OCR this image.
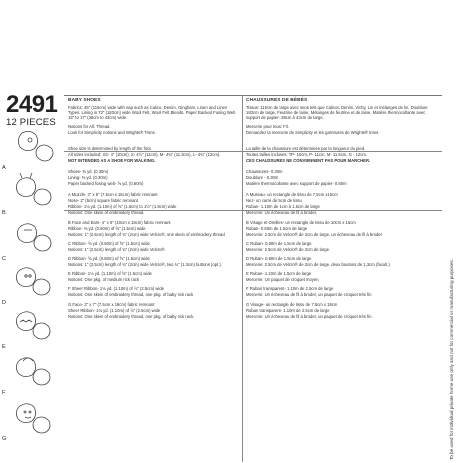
2491
12 PIECES
A
B
C
D
E
F
G
BABY SHOES
Fabrics: 45" (115cm) wide with nap such as Calico, Denim, Gingham, Linen and Linen Types. Lining in 72" (183cm) wide Wool Felt, Wool Felt Blends. Paper Backed Fusing Web 15" to 17" (38cm to 43cm) wide.
Notions for All: Thread.
Look for Simplicity notions and Wrights® Trims.
Shoe size is determined by length of the foot.
All sizes included: XS- 4" (10cm), S- 4½" (11cm), M- 4¾" (11.3cm), L- 4¾" (12cm).
NOT INTENDED AS A SHOE FOR WALKING.
Shoes- ⅜ yd. (0.30m)
Lining- ⅜ yd. (0.30m)
Paper backed fusing web- ⅝ yd. (0.60m)
A Muzzle- 3" x 6" (7.5cm x 15cm) fabric remnant
Nose- 2" (5cm) square fabric remnant
Ribbon- 1⅛ yd. (1.10m) of ⅝" (1.5cm) to 1½" (1.5cm) wide
Notions: One skein of embroidery thread.
B Face and Ears- 4" x 6" (10cm x 15cm) fabric remnant
Ribbon- ⅜ yd. (0.60m) of ⅝" (1.5cm) wide
Notions: 1" (2.5cm) length of ¾" (2cm) wide Velcro®, one skein of embroidery thread
C Ribbon- ⅝ yd. (0.60m) of ⅝" (1.5cm) wide
Notions: 1" (2.5cm) length of ¾" (2cm) wide Velcro®.
D Ribbon- ⅝ yd. (0.60m) of ⅝" (1.5cm) wide
Notions: 1" (2.5cm) length of ¾" (2cm) wide Velcro®, two ¾" (1.3cm) buttons (opt.).
E Ribbon- 1⅛ yd. (1.10m) of ⅝" (1.5cm) wide
Notions: One pkg. of medium rick rack
F Sheer Ribbon- 1⅛ yd. (1.10m) of ⅞" (2.5cm) wide
Notions: One skein of embroidery thread, one pkg. of baby rick rack
G Face- 3" x 7" (7.5cm x 18cm) fabric remnant
Sheer Ribbon- 1⅛ yd. (1.10m) of ⅞" (2.5cm) wide
Notions: One skein of embroidery thread, one pkg. of baby rick rack.
CHAUSSURES DE BÉBÉS
Tissus: 115cm de large avec sens tels que Calicot, Denim, Vichy, Lin et mélanges de lin. Doublure 183cm de large, Feutrine de laine, Mélanges de feutrine et de laine. Matière thermocollante avec support de papier- 38cm à 43cm de large.
Mercerie pour tous: Fil.
Demandez la mercerie de Simplicity et les garnitures de Wrights® trims.
La taille de la chaussure est déterminée par la longueur du pied.
Toutes tailles incluses: TP- 10cm, P- 11cm, M- 11.5cm, G - 12cm.
CES CHAUSSURES NE CONVIENNENT PAS POUR MARCHER.
Chaussures- 0.30m
Doublure - 0.30m
Matière thermocollante avec support de papier- 0.60m
A Museau- un rectangle de tissu de 7,5cm x15cm
Nez- un carré de 5cm de tissu
Ruban- 1.10m de 1cm à 1.5cm de large
Mercerie: Un écheveau de fil à broder.
B Visage et Oreilles- un rectangle de tissu de 10cm x 15cm
Ruban- 0.60m de 1.5cm de large
Mercerie: 2.5cm de Velcro® de 2cm de large, un écheveau de fil à broder
C Ruban- 0.60m de 1.5cm de large
Mercerie: 2.5cm de Velcro® de 2cm de large.
D Ruban- 0.60m de 1.5cm de large
Mercerie: 2.5cm de Velcro® de 2cm de large, deux boutons de 1,3cm (facult.)
E Ruban- 1.10m de 1.5cm de large
Mercerie: Un paquet de croquet moyen
F Ruban transparent- 1.10m de 2.5cm de large
Mercerie: Un écheveau de fil à broder, un paquet de croquet très fin
G Visage- un rectangle de tissu de 7.5cm x 18cm
Ruban transparent- 1.10m de 2.5cm de large
Mercerie: Un écheveau de fil à broder, un paquet de croquet très fin.	To be used for individual private home use only and not for commercial or manufacturing purposes.
